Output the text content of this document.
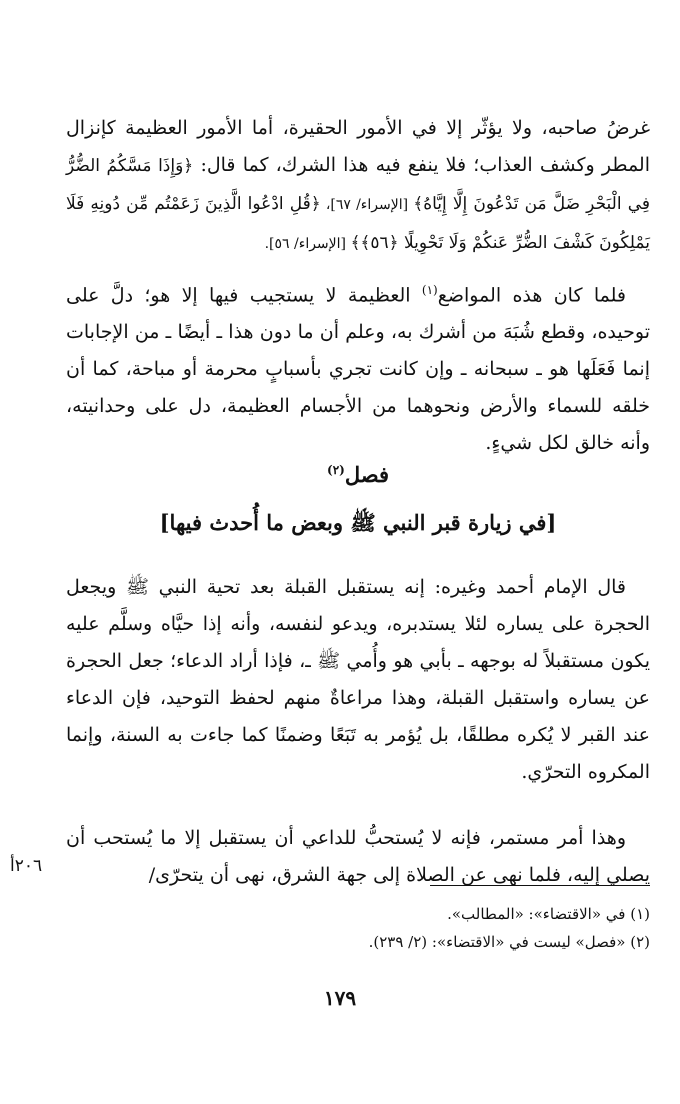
غرضُ صاحبه، ولا يؤثّر إلا في الأمور الحقيرة، أما الأمور العظيمة كإنزال المطر وكشف العذاب؛ فلا ينفع فيه هذا الشرك، كما قال: ﴿وَإِذَا مَسَّكُمُ الضُّرُّ فِي الْبَحْرِ ضَلَّ مَن تَدْعُونَ إِلَّا إِيَّاهُ﴾ [الإسراء/ ٦٧]، ﴿قُلِ ادْعُوا الَّذِينَ زَعَمْتُم مِّن دُونِهِ فَلَا يَمْلِكُونَ كَشْفَ الضُّرِّ عَنكُمْ وَلَا تَحْوِيلًا ﴿٥٦﴾﴾ [الإسراء/ ٥٦].

فلما كان هذه المواضع$^{(١)}$ العظيمة لا يستجيب فيها إلا هو؛ دلَّ على توحيده، وقطع شُبَهَ من أشرك به، وعلم أن ما دون هذا ـ أيضًا ـ من الإجابات إنما فَعَلَها هو ـ سبحانه ـ وإن كانت تجري بأسبابٍ محرمة أو مباحة، كما أن خلقه للسماء والأرض ونحوهما من الأجسام العظيمة، دل على وحدانيته، وأنه خالق لكل شيءٍ.

فصل$^{(٢)}$
[في زيارة قبر النبي ﷺ وبعض ما أُحدث فيها]

قال الإمام أحمد وغيره: إنه يستقبل القبلة بعد تحية النبي ﷺ ويجعل الحجرة على يساره لئلا يستدبره، ويدعو لنفسه، وأنه إذا حيَّاه وسلَّم عليه يكون مستقبلاً له بوجهه ـ بأبي هو وأُمي ﷺ ـ، فإذا أراد الدعاء؛ جعل الحجرة عن يساره واستقبل القبلة، وهذا مراعاةٌ منهم لحفظ التوحيد، فإن الدعاء عند القبر لا يُكره مطلقًا، بل يُؤمر به تَبَعًا وضمنًا كما جاءت به السنة، وإنما المكروه التحرّي.

وهذا أمر مستمر، فإنه لا يُستحبُّ للداعي أن يستقبل إلا ما يُستحب أن يصلي إليه، فلما نهى عن الصلاة إلى جهة الشرق، نهى أن يتحرّى/

٢٠٦أ
(١) في «الاقتضاء»: «المطالب».
(٢) «فصل» ليست في «الاقتضاء»: (٢/ ٢٣٩).
١٧٩
